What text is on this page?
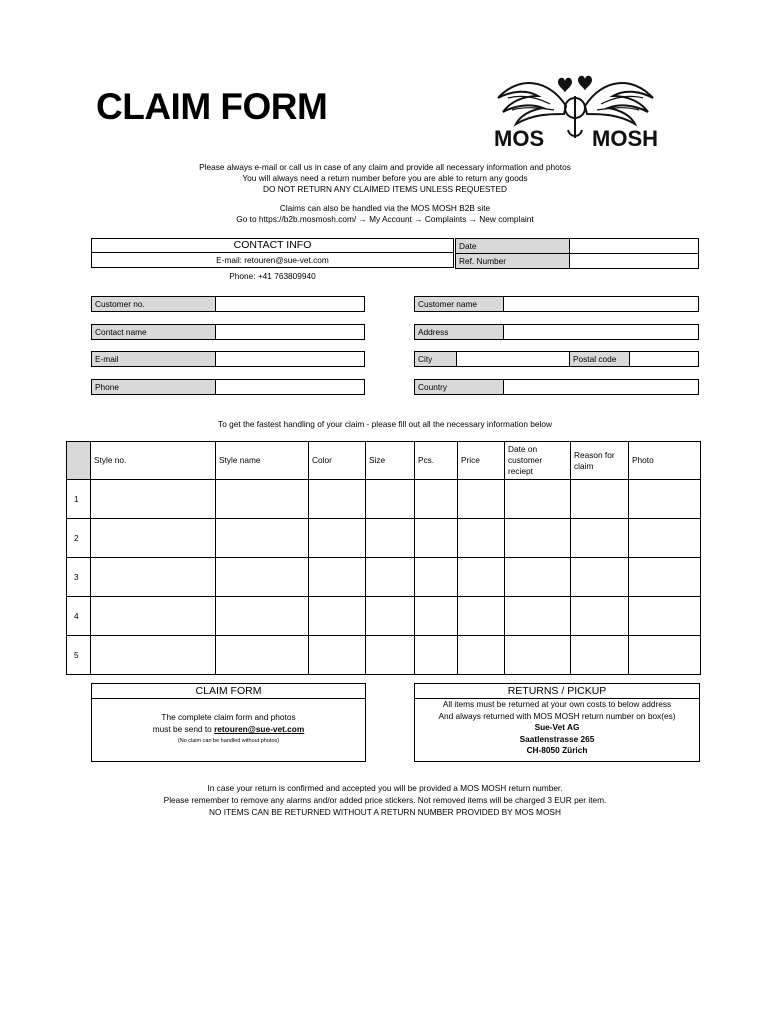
CLAIM FORM
MOS MOSH
Please always e-mail or call us in case of any claim and provide all necessary information and photos
You will always need a return number before you are able to return any goods
DO NOT RETURN ANY CLAIMED ITEMS UNLESS REQUESTED
Claims can also be handled via the MOS MOSH B2B site
Go to https://b2b.mosmosh.com/ → My Account → Complaints → New complaint
CONTACT INFO
E-mail: retouren@sue-vet.com
Phone: +41 763809940
Date
Ref. Number
Customer no.
Contact name
E-mail
Phone
Customer name
Address
City	Postal code
Country
To get the fastest handling of your claim - please fill out all the necessary information below
	Style no.	Style name	Color	Size	Pcs.	Price	Date on customer reciept	Reason for claim	Photo
1									
2									
3									
4									
5									
CLAIM FORM
The complete claim form and photos
must be send to retouren@sue-vet.com
(No claim can be handled without photos)
RETURNS / PICKUP
All items must be returned at your own costs to below address
And always returned with MOS MOSH return number on box(es)
Sue-Vet AG
Saatlenstrasse 265
CH-8050 Zürich
In case your return is confirmed and accepted you will be provided a MOS MOSH return number.
Please remember to remove any alarms and/or added price stickers. Not removed items will be charged 3 EUR per item.
NO ITEMS CAN BE RETURNED WITHOUT A RETURN NUMBER PROVIDED BY MOS MOSH
